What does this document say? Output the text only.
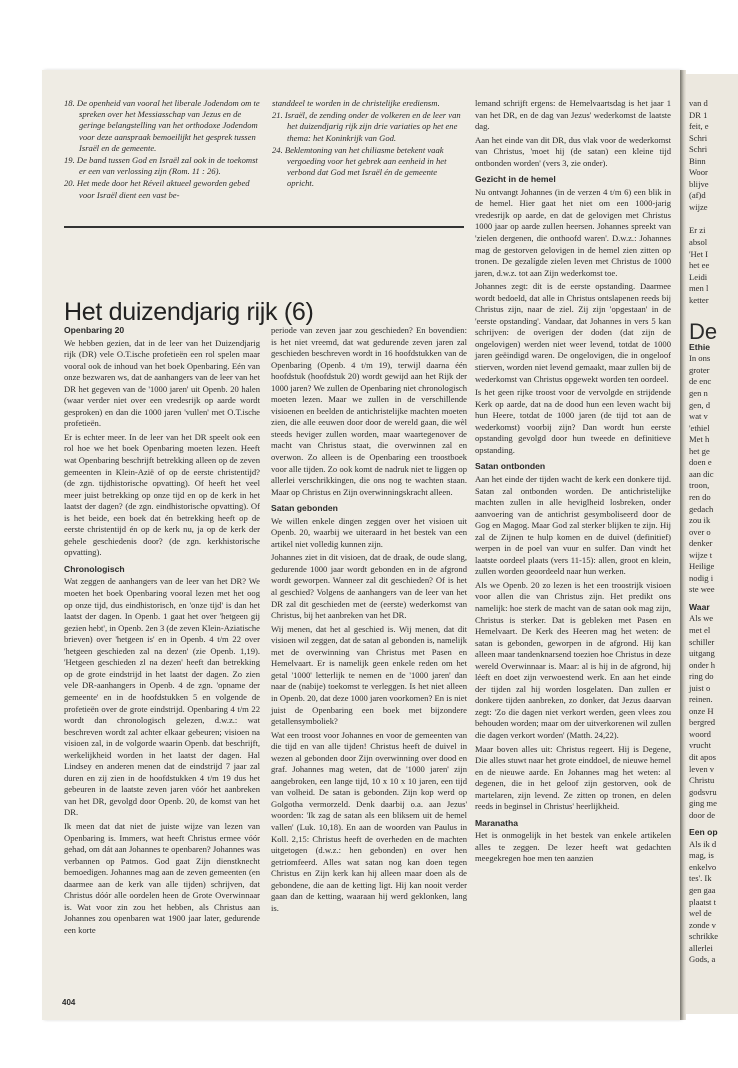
18. De openheid van vooral het liberale Jodendom om te spreken over het Messiasschap van Jezus en de geringe belangstelling van het orthodoxe Jodendom voor deze aanspraak bemoeilijkt het gesprek tussen Israël en de gemeente.

19. De band tussen God en Israël zal ook in de toekomst er een van verlossing zijn (Rom. 11 : 26).

20. Het mede door het Réveil aktueel geworden gebed voor Israël dient een vast be-

standdeel te worden in de christelijke erediensт.

21. Israël, de zending onder de volkeren en de leer van het duizendjarig rijk zijn drie variaties op het ene thema: het Koninkrijk van God.

24. Beklemtoning van het chiliasme betekent vaak vergoeding voor het gebrek aan eenheid in het verbond dat God met Israël én de gemeente opricht.

Het duizendjarig rijk (6)
Openbaring 20

We hebben gezien, dat in de leer van het Duizendjarig rijk (DR) vele O.T.ische profetieën een rol spelen maar vooral ook de inhoud van het boek Openbaring. Eén van onze bezwaren ws, dat de aanhangers van de leer van het DR het gegeven van de '1000 jaren' uit Openb. 20 halen (waar verder niet over een vredesrijk op aarde wordt gesproken) en dan die 1000 jaren 'vullen' met O.T.ische profetieën.

Er is echter meer. In de leer van het DR speelt ook een rol hoe we het boek Openbaring moeten lezen. Heeft wat Openbaring beschrijft betrekking alleen op de zeven gemeenten in Klein-Azië of op de eerste christentijd? (de zgn. tijdhistorische opvatting). Of heeft het veel meer juist betrekking op onze tijd en op de kerk in het laatst der dagen? (de zgn. eindhistorische opvatting). Of is het beide, een boek dat én betrekking heeft op de eerste christentijd én op de kerk nu, ja op de kerk der gehele geschiedenis door? (de zgn. kerkhistorische opvatting).

Chronologisch

Wat zeggen de aanhangers van de leer van het DR? We moeten het boek Openbaring vooral lezen met het oog op onze tijd, dus eindhistorisch, en 'onze tijd' is dan het laatst der dagen. In Openb. 1 gaat het over 'hetgeen gij gezien hebt', in Openb. 2en 3 (de zeven Klein-Aziatische brieven) over 'hetgeen is' en in Openb. 4 t/m 22 over 'hetgeen geschieden zal na dezen' (zie Openb. 1,19). 'Hetgeen geschieden zl na dezen' heeft dan betrekking op de grote eindstrijd in het laatst der dagen. Zo zien vele DR-aanhangers in Openb. 4 de zgn. 'opname der gemeente' en in de hoofdstukken 5 en volgende de profetieën over de grote eindstrijd. Openbaring 4 t/m 22 wordt dan chronologisch gelezen, d.w.z.: wat beschreven wordt zal achter elkaar gebeuren; visioen na visioen zal, in de volgorde waarin Openb. dat beschrijft, werkelijkheid worden in het laatst der dagen. Hal Lindsey en anderen menen dat de eindstrijd 7 jaar zal duren en zij zien in de hoofdstukken 4 t/m 19 dus het gebeuren in de laatste zeven jaren vóór het aanbreken van het DR, gevolgd door Openb. 20, de komst van het DR.

Ik meen dat dat niet de juiste wijze van lezen van Openbaring is. Immers, wat heeft Christus ermee vóór gehad, om dát aan Johannes te openbaren? Johannes was verbannen op Patmos. God gaat Zijn dienstknecht bemoedigen. Johannes mag aan de zeven gemeenten (en daarmee aan de kerk van alle tijden) schrijven, dat Christus dóór alle oordelen heen de Grote Overwinnaar is. Wat voor zin zou het hebben, als Christus aan Johannes zou openbaren wat 1900 jaar later, gedurende een korte

periode van zeven jaar zou geschieden? En bovendien: is het niet vreemd, dat wat gedurende zeven jaren zal geschieden beschreven wordt in 16 hoofdstukken van de Openbaring (Openb. 4 t/m 19), terwijl daarna één hoofdstuk (hoofdstuk 20) wordt gewijd aan het Rijk der 1000 jaren? We zullen de Openbaring niet chronologisch moeten lezen. Maar we zullen in de verschillende visioenen en beelden de antichristelijke machten moeten zien, die alle eeuwen door door de wereld gaan, die wèl steeds heviger zullen worden, maar waartegenover de macht van Christus staat, die overwinnen zal en overwon. Zo alleen is de Openbaring een troostboek voor alle tijden. Zo ook komt de nadruk niet te liggen op allerlei verschrikkingen, die ons nog te wachten staan. Maar op Christus en Zijn overwinningskracht alleen.

Satan gebonden

We willen enkele dingen zeggen over het visioen uit Openb. 20, waarbij we uiteraard in het bestek van een artikel niet volledig kunnen zijn.

Johannes ziet in dit visioen, dat de draak, de oude slang, gedurende 1000 jaar wordt gebonden en in de afgrond wordt geworpen. Wanneer zal dit geschieden? Of is het al geschied? Volgens de aanhangers van de leer van het DR zal dit geschieden met de (eerste) wederkomst van Christus, bij het aanbreken van het DR.

Wij menen, dat het al geschied is. Wij menen, dat dit visioen wil zeggen, dat de satan al gebonden is, namelijk met de overwinning van Christus met Pasen en Hemelvaart. Er is namelijk geen enkele reden om het getal '1000' letterlijk te nemen en de '1000 jaren' dan naar de (nabije) toekomst te verleggen. Is het niet alleen in Openb. 20, dat deze 1000 jaren voorkomen? En is niet juist de Openbaring een boek met bijzondere getallensymboliek?

Wat een troost voor Johannes en voor de gemeenten van die tijd en van alle tijden! Christus heeft de duivel in wezen al gebonden door Zijn overwinning over dood en graf. Johannes mag weten, dat de '1000 jaren' zijn aangebroken, een lange tijd, 10 x 10 x 10 jaren, een tijd van volheid. De satan is gebonden. Zijn kop werd op Golgotha vermorzeld. Denk daarbij o.a. aan Jezus' woorden: 'Ik zag de satan als een bliksem uit de hemel vallen' (Luk. 10,18). En aan de woorden van Paulus in Koll. 2,15: Christus heeft de overheden en de machten uitgetogen (d.w.z.: hen gebonden) en over hen getriomfeerd. Alles wat satan nog kan doen tegen Christus en Zijn kerk kan hij alleen maar doen als de gebondene, die aan de ketting ligt. Hij kan nooit verder gaan dan de ketting, waaraan hij werd geklonken, lang is.

lemand schrijft ergens: de Hemelvaartsdag is het jaar 1 van het DR, en de dag van Jezus' wederkomst de laatste dag.

Aan het einde van dit DR, dus vlak voor de wederkomst van Christus, 'moet hij (de satan) een kleine tijd ontbonden worden' (vers 3, zie onder).

Gezicht in de hemel

Nu ontvangt Johannes (in de verzen 4 t/m 6) een blik in de hemel. Hier gaat het niet om een 1000-jarig vredesrijk op aarde, en dat de gelovigen met Christus 1000 jaar op aarde zullen heersen. Johannes spreekt van 'zielen dergenen, die onthoofd waren'. D.w.z.: Johannes mag de gestorven gelovigen in de hemel zien zitten op tronen. De gezalígde zielen leven met Christus de 1000 jaren, d.w.z. tot aan Zijn wederkomst toe.

Johannes zegt: dit is de eerste opstanding. Daarmee wordt bedoeld, dat alle in Christus ontslapenen reeds bij Christus zijn, naar de ziel. Zij zijn 'opgestaan' in de 'eerste opstanding'. Vandaar, dat Johannes in vers 5 kan schrijven: de overigen der doden (dat zijn de ongelovigen) werden niet weer levend, totdat de 1000 jaren geëindigd waren. De ongelovigen, die in ongeloof stierven, worden niet levend gemaakt, maar zullen bij de wederkomst van Christus opgewekt worden ten oordeel.

Is het geen rijke troost voor de vervolgde en strijdende Kerk op aarde, dat na de dood hun een leven wacht bij hun Heere, totdat de 1000 jaren (de tijd tot aan de wederkomst) voorbij zijn? Dan wordt hun eerste opstanding gevolgd door hun tweede en definitieve opstanding.

Satan ontbonden

Aan het einde der tijden wacht de kerk een donkere tijd. Satan zal ontbonden worden. De antichristelijke machten zullen in alle heviglheid losbreken, onder aanvoering van de antichrist gesymboliseerd door de Gog en Magog. Maar God zal sterker blijken te zijn. Hij zal de Zijnen te hulp komen en de duivel (definitief) werpen in de poel van vuur en sulfer. Dan vindt het laatste oordeel plaats (vers 11-15): allen, groot en klein, zullen worden geoordeeld naar hun werken.

Als we Openb. 20 zo lezen is het een troostrijk visioen voor allen die van Christus zijn. Het predikt ons namelijk: hoe sterk de macht van de satan ook mag zijn, Christus is sterker. Dat is gebleken met Pasen en Hemelvaart. De Kerk des Heeren mag het weten: de satan is gebonden, geworpen in de afgrond. Hij kan alleen maar tandenknarsend toezien hoe Christus in deze wereld Overwinnaar is. Maar: al is hij in de afgrond, hij léeft en doet zijn verwoestend werk. En aan het einde der tijden zal hij worden losgelaten. Dan zullen er donkere tijden aanbreken, zo donker, dat Jezus daarvan zegt: 'Zo die dagen niet verkort werden, geen vlees zou behouden worden; maar om der uitverkorenen wil zullen die dagen verkort worden' (Matth. 24,22).

Maar boven alles uit: Christus regeert. Hij is Degene, Die alles stuwt naar het grote einddoel, de nieuwe hemel en de nieuwe aarde. En Johannes mag het weten: al degenen, die in het geloof zijn gestorven, ook de martelaren, zijn levend. Ze zitten op tronen, en delen reeds in beginsel in Christus' heerlijkheid.

Maranatha

Het is onmogelijk in het bestek van enkele artikelen alles te zeggen. De lezer heeft wat gedachten meegekregen hoe men ten aanzien

404
van d
DR 1
feit, e
Schri
Schri
Binn
Woor
blijve
(af)d
wijze
Er zi
absol
'Het I
het ee
Leidi
men l
ketter
De
Ethie
In ons
groter
de enc
gen n
gen, d
wat v
'ethiel
Met h
het ge
doen e
aan dic
troon,
ren do
gedach
zou ik
over o
denker
wijze t
Heilige
nodig i
ste wee
Waar
Als we
met el
schiller
uitgang
onder h
ring do
juist o
reinen.
onze H
bergred
woord
vrucht
dit apos
leven v
Christu
godsvru
ging me
door de
Een op
Als ik d
mag, is
enkelvo
tes'. Ik
gen gaa
plaatst t
wel de
zonde v
schrikke
allerlei
Gods, a
